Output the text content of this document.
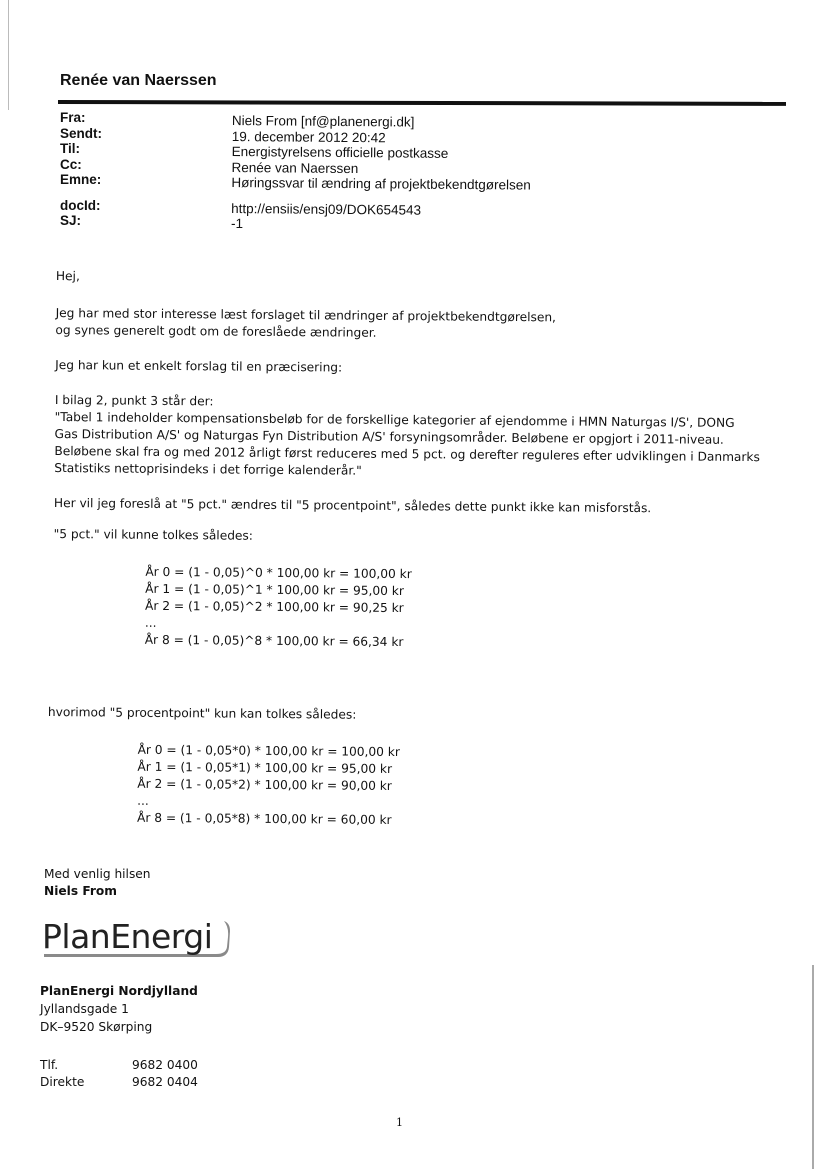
Renée van Naerssen
Fra:
Sendt:
Til:
Cc:
Emne:
docId:
SJ:
Niels From [nf@planenergi.dk]
19. december 2012 20:42
Energistyrelsens officielle postkasse
Renée van Naerssen
Høringssvar til ændring af projektbekendtgørelsen
http://ensiis/ensj09/DOK654543
-1

Hej,

Jeg har med stor interesse læst forslaget til ændringer af projektbekendtgørelsen,

og synes generelt godt om de foreslåede ændringer.

Jeg har kun et enkelt forslag til en præcisering:

I bilag 2, punkt 3 står der:

"Tabel 1 indeholder kompensationsbeløb for de forskellige kategorier af ejendomme i HMN Naturgas I/S', DONG

Gas Distribution A/S' og Naturgas Fyn Distribution A/S' forsyningsområder. Beløbene er opgjort i 2011-niveau.

Beløbene skal fra og med 2012 årligt først reduceres med 5 pct. og derefter reguleres efter udviklingen i Danmarks

Statistiks nettoprisindeks i det forrige kalenderår."

Her vil jeg foreslå at "5 pct." ændres til "5 procentpoint", således dette punkt ikke kan misforstås.

"5 pct." vil kunne tolkes således:

År 0 = (1 - 0,05)^0 * 100,00 kr = 100,00 kr

År 1 = (1 - 0,05)^1 * 100,00 kr = 95,00 kr

År 2 = (1 - 0,05)^2 * 100,00 kr = 90,25 kr

...

År 8 = (1 - 0,05)^8 * 100,00 kr = 66,34 kr

hvorimod "5 procentpoint" kun kan tolkes således:

År 0 = (1 - 0,05*0) * 100,00 kr = 100,00 kr

År 1 = (1 - 0,05*1) * 100,00 kr = 95,00 kr

År 2 = (1 - 0,05*2) * 100,00 kr = 90,00 kr

...

År 8 = (1 - 0,05*8) * 100,00 kr = 60,00 kr

Med venlig hilsen
Niels From
PlanEnergi
PlanEnergi Nordjylland
Jyllandsgade 1
DK–9520 Skørping
Tlf.	9682 0400
Direkte	9682 0404
1
